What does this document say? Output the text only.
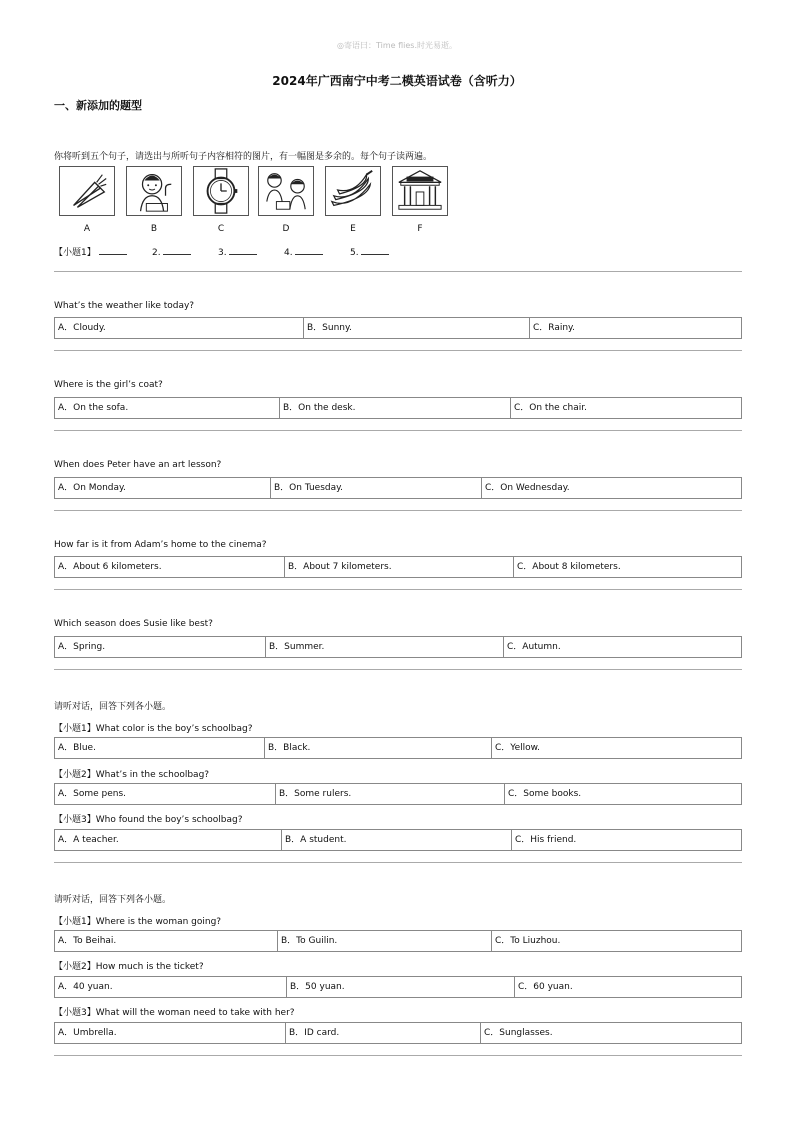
◎寄语曰：Time flies.时光易逝。
2024年广西南宁中考二模英语试卷（含听力）
一、新添加的题型
你将听到五个句子，请选出与所听句子内容相符的图片，有一幅图是多余的。每个句子读两遍。
A	B	C	D	E	F
【小题1】	2.	3.	4.	5.
What’s the weather like today?
A．Cloudy.	B．Sunny.	C．Rainy.
Where is the girl’s coat?
A．On the sofa.	B．On the desk.	C．On the chair.
When does Peter have an art lesson?
A．On Monday.	B．On Tuesday.	C．On Wednesday.
How far is it from Adam’s home to the cinema?
A．About 6 kilometers.	B．About 7 kilometers.	C．About 8 kilometers.
Which season does Susie like best?
A．Spring.	B．Summer.	C．Autumn.
请听对话，回答下列各小题。
【小题1】What color is the boy’s schoolbag?
A．Blue.	B．Black.	C．Yellow.
【小题2】What’s in the schoolbag?
A．Some pens.	B．Some rulers.	C．Some books.
【小题3】Who found the boy’s schoolbag?
A．A teacher.	B．A student.	C．His friend.
请听对话，回答下列各小题。
【小题1】Where is the woman going?
A．To Beihai.	B．To Guilin.	C．To Liuzhou.
【小题2】How much is the ticket?
A．40 yuan.	B．50 yuan.	C．60 yuan.
【小题3】What will the woman need to take with her?
A．Umbrella.	B．ID card.	C．Sunglasses.
